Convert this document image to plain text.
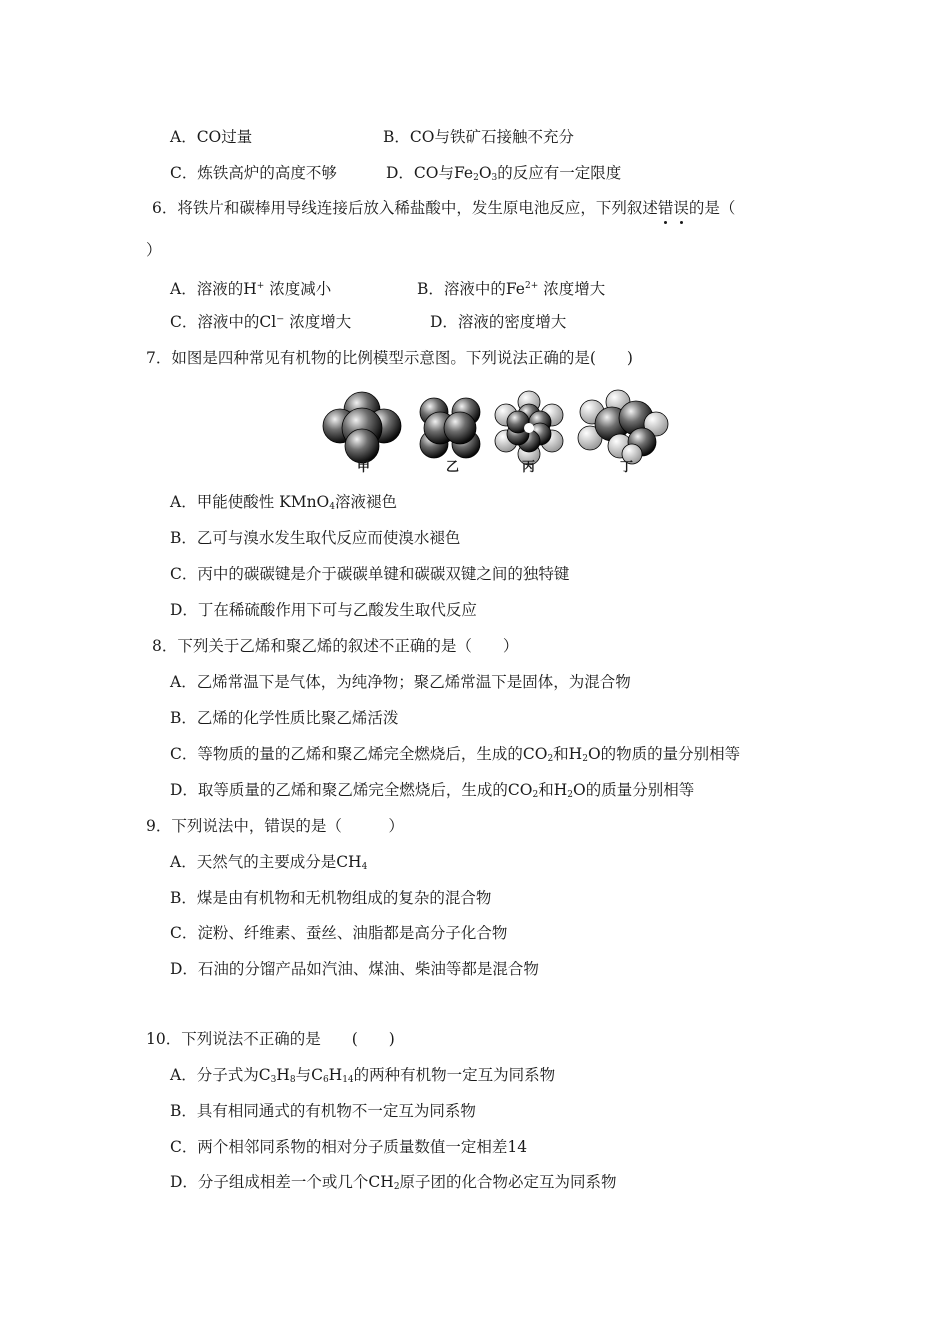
A．CO过量	B．CO与铁矿石接触不充分
C．炼铁高炉的高度不够	D．CO与$Fe_2O_3$的反应有一定限度
6．将铁片和碳棒用导线连接后放入稀盐酸中，发生原电池反应，下列叙述错误的是（
）
A．溶液的H+ 浓度减小	B．溶液中的$Fe^{2+}$ 浓度增大
C．溶液中的Cl⁻ 浓度增大	D．溶液的密度增大
7．如图是四种常见有机物的比例模型示意图。下列说法正确的是(　　)
甲	乙	丙	丁
A．甲能使酸性 KMnO$_4$溶液褪色
B．乙可与溴水发生取代反应而使溴水褪色
C．丙中的碳碳键是介于碳碳单键和碳碳双键之间的独特键
D．丁在稀硫酸作用下可与乙酸发生取代反应
8．下列关于乙烯和聚乙烯的叙述不正确的是（　　）
A．乙烯常温下是气体，为纯净物；聚乙烯常温下是固体，为混合物
B．乙烯的化学性质比聚乙烯活泼
C．等物质的量的乙烯和聚乙烯完全燃烧后，生成的$CO_2$和$H_2O$的物质的量分别相等
D．取等质量的乙烯和聚乙烯完全燃烧后，生成的$CO_2$和$H_2O$的质量分别相等
9．下列说法中，错误的是（　　　）
A．天然气的主要成分是$CH_4$
B．煤是由有机物和无机物组成的复杂的混合物
C．淀粉、纤维素、蚕丝、油脂都是高分子化合物
D．石油的分馏产品如汽油、煤油、柴油等都是混合物
10．下列说法不正确的是　　(　　)
A．分子式为$C_3H_8$与$C_6H_{14}$的两种有机物一定互为同系物
B．具有相同通式的有机物不一定互为同系物
C．两个相邻同系物的相对分子质量数值一定相差14
D．分子组成相差一个或几个$CH_2$原子团的化合物必定互为同系物
